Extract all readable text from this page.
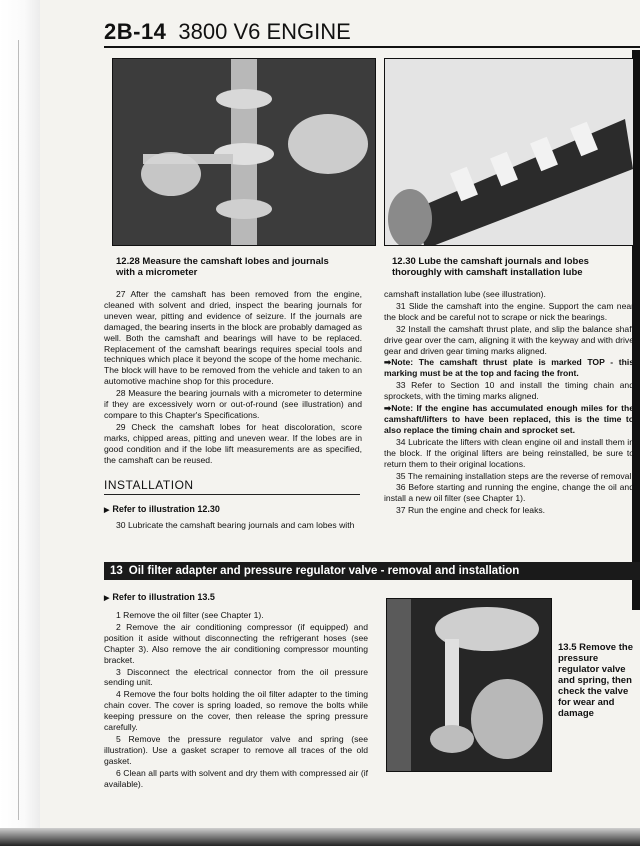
2B-14 3800 V6 ENGINE
12.28 Measure the camshaft lobes and journals with a micrometer
12.30 Lube the camshaft journals and lobes thoroughly with camshaft installation lube

27 After the camshaft has been removed from the engine, cleaned with solvent and dried, inspect the bearing journals for uneven wear, pitting and evidence of seizure. If the journals are damaged, the bearing inserts in the block are probably damaged as well. Both the camshaft and bearings will have to be replaced. Replacement of the camshaft bearings requires special tools and techniques which place it beyond the scope of the home mechanic. The block will have to be removed from the vehicle and taken to an automotive machine shop for this procedure.

28 Measure the bearing journals with a micrometer to determine if they are excessively worn or out-of-round (see illustration) and compare to this Chapter's Specifications.

29 Check the camshaft lobes for heat discoloration, score marks, chipped areas, pitting and uneven wear. If the lobes are in good condition and if the lobe lift measurements are as specified, the camshaft can be reused.

INSTALLATION
▶ Refer to illustration 12.30

30 Lubricate the camshaft bearing journals and cam lobes with

camshaft installation lube (see illustration).

31 Slide the camshaft into the engine. Support the cam near the block and be careful not to scrape or nick the bearings.

32 Install the camshaft thrust plate, and slip the balance shaft drive gear over the cam, aligning it with the keyway and with drive gear and driven gear timing marks aligned.

➡Note: The camshaft thrust plate is marked TOP - this marking must be at the top and facing the front.

33 Refer to Section 10 and install the timing chain and sprockets, with the timing marks aligned.

➡Note: If the engine has accumulated enough miles for the camshaft/lifters to have been replaced, this is the time to also replace the timing chain and sprocket set.

34 Lubricate the lifters with clean engine oil and install them in the block. If the original lifters are being reinstalled, be sure to return them to their original locations.

35 The remaining installation steps are the reverse of removal.

36 Before starting and running the engine, change the oil and install a new oil filter (see Chapter 1).

37 Run the engine and check for leaks.

13 Oil filter adapter and pressure regulator valve - removal and installation
▶ Refer to illustration 13.5

1 Remove the oil filter (see Chapter 1).

2 Remove the air conditioning compressor (if equipped) and position it aside without disconnecting the refrigerant hoses (see Chapter 3). Also remove the air conditioning compressor mounting bracket.

3 Disconnect the electrical connector from the oil pressure sending unit.

4 Remove the four bolts holding the oil filter adapter to the timing chain cover. The cover is spring loaded, so remove the bolts while keeping pressure on the cover, then release the spring pressure carefully.

5 Remove the pressure regulator valve and spring (see illustration). Use a gasket scraper to remove all traces of the old gasket.

6 Clean all parts with solvent and dry them with compressed air (if available).

13.5 Remove the pressure regulator valve and spring, then check the valve for wear and damage
